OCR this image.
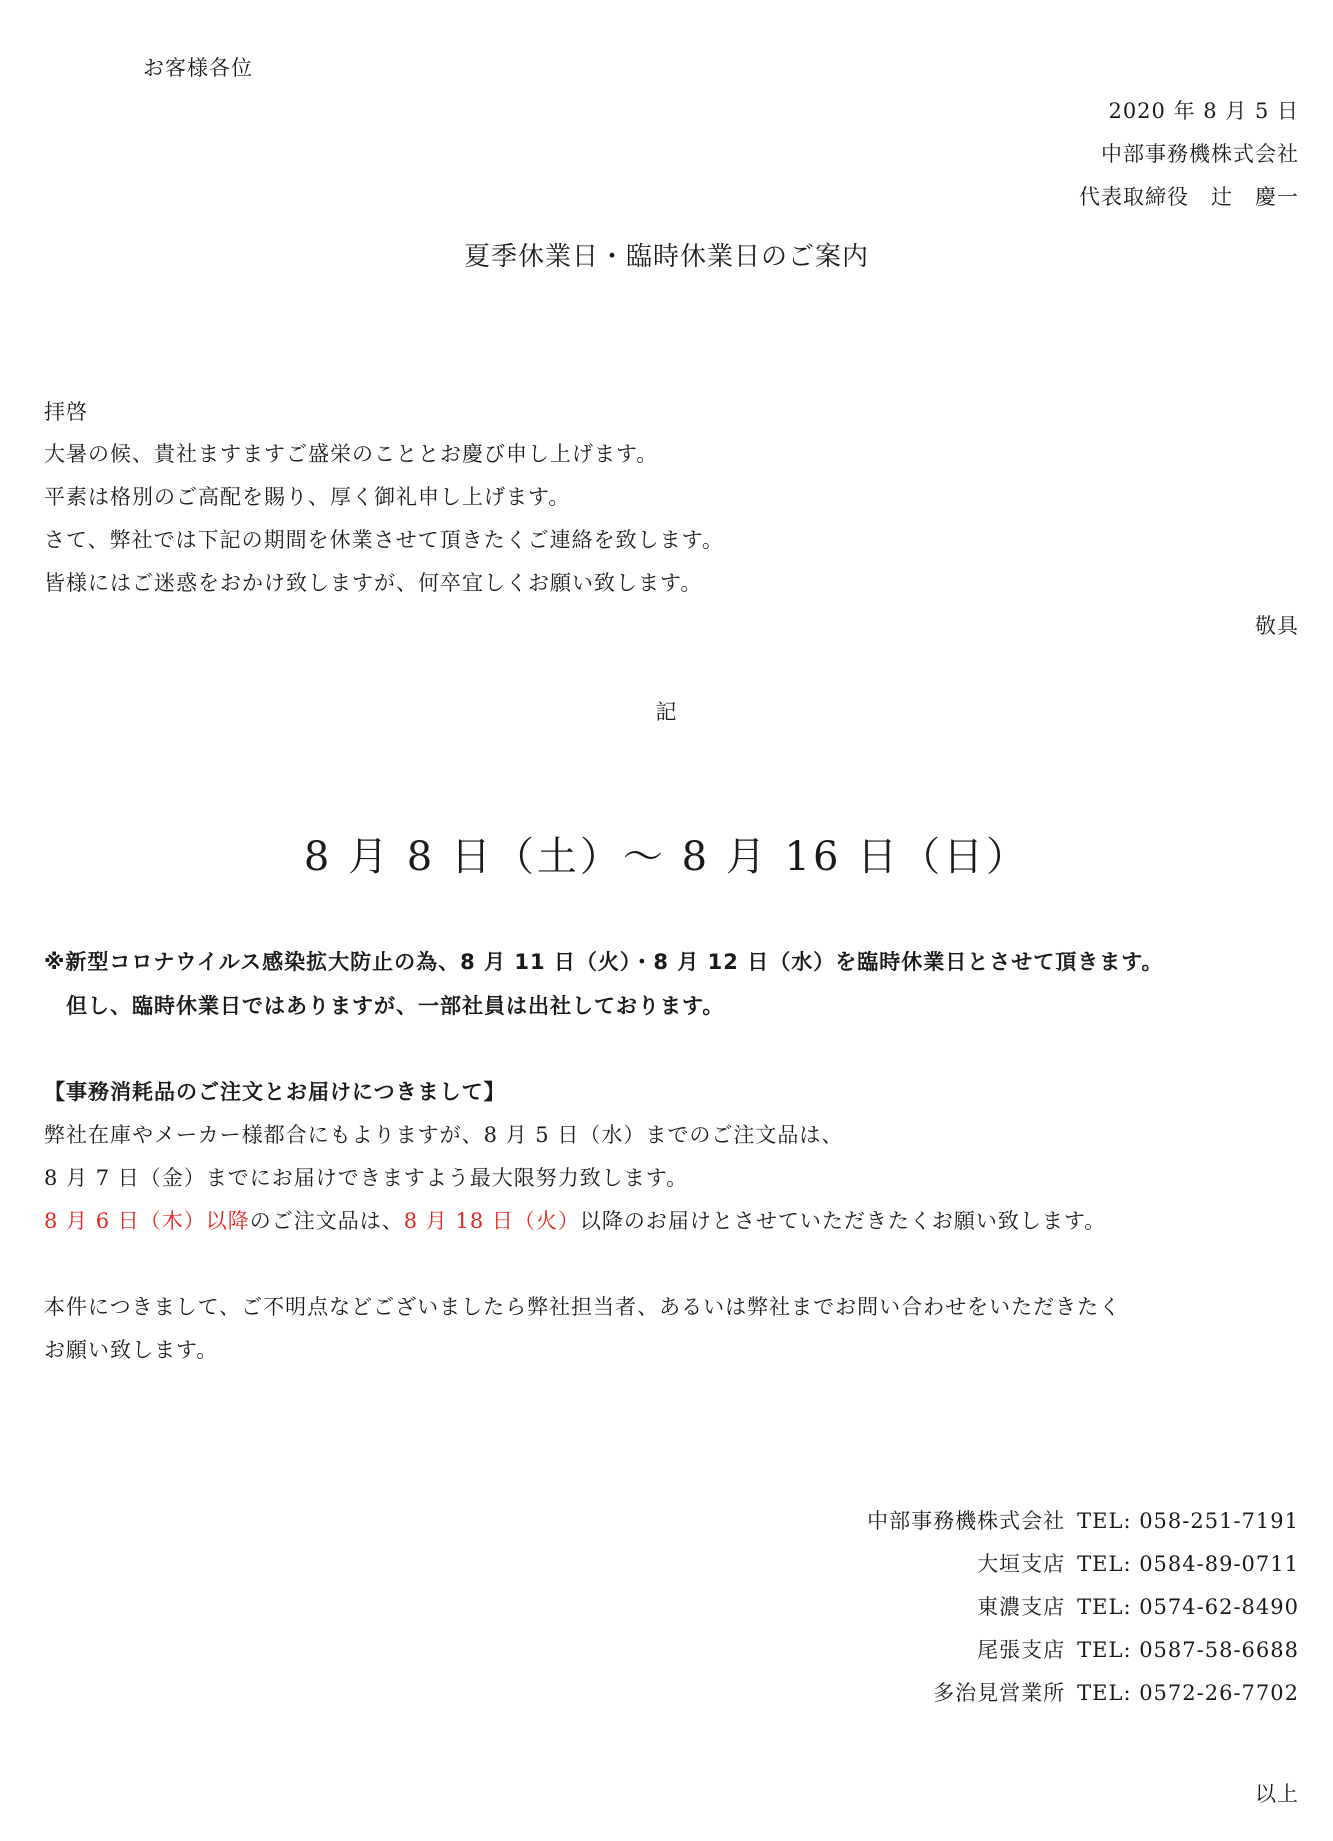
お客様各位
2020 年 8 月 5 日
中部事務機株式会社
代表取締役　辻　慶一
夏季休業日・臨時休業日のご案内
拝啓
大暑の候、貴社ますますご盛栄のこととお慶び申し上げます。
平素は格別のご高配を賜り、厚く御礼申し上げます。
さて、弊社では下記の期間を休業させて頂きたくご連絡を致します。
皆様にはご迷惑をおかけ致しますが、何卒宜しくお願い致します。
敬具
記
8 月 8 日（土）～ 8 月 16 日（日）
※新型コロナウイルス感染拡大防止の為、8 月 11 日（火）・8 月 12 日（水）を臨時休業日とさせて頂きます。
但し、臨時休業日ではありますが、一部社員は出社しております。
【事務消耗品のご注文とお届けにつきまして】
弊社在庫やメーカー様都合にもよりますが、8 月 5 日（水）までのご注文品は、
8 月 7 日（金）までにお届けできますよう最大限努力致します。
8 月 6 日（木）以降のご注文品は、8 月 18 日（火）以降のお届けとさせていただきたくお願い致します。
本件につきまして、ご不明点などございましたら弊社担当者、あるいは弊社までお問い合わせをいただきたく
お願い致します。
中部事務機株式会社 TEL: 058-251-7191
大垣支店 TEL: 0584-89-0711
東濃支店 TEL: 0574-62-8490
尾張支店 TEL: 0587-58-6688
多治見営業所 TEL: 0572-26-7702
以上
